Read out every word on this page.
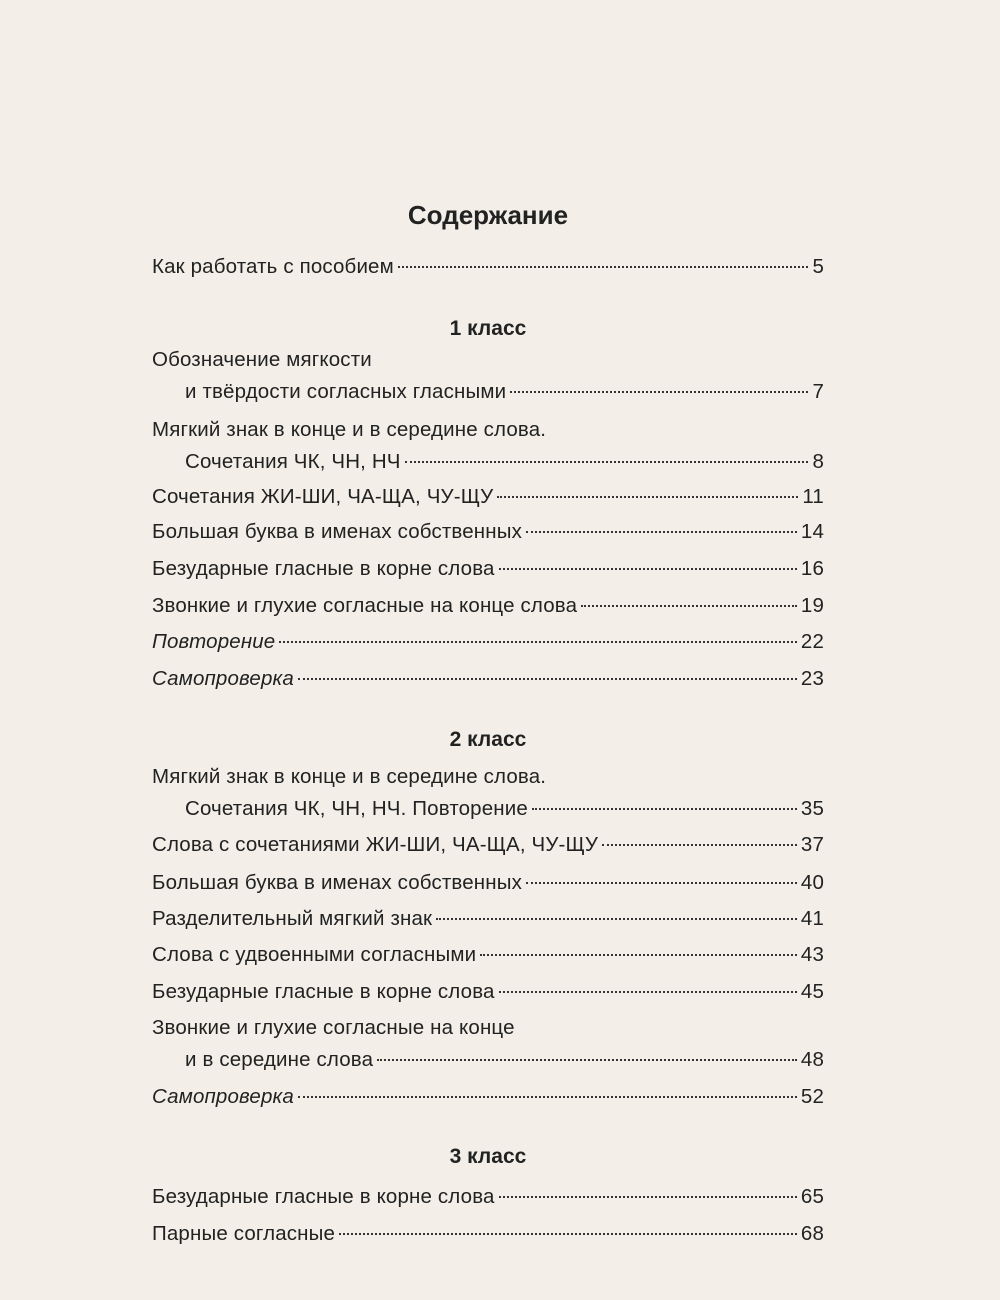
Содержание
Как работать с пособием	5
1 класс
Обозначение мягкости
и твёрдости согласных гласными	7
Мягкий знак в конце и в середине слова.
Сочетания ЧК, ЧН, НЧ	8
Сочетания ЖИ-ШИ, ЧА-ЩА, ЧУ-ЩУ	11
Большая буква в именах собственных	14
Безударные гласные в корне слова	16
Звонкие и глухие согласные на конце слова	19
Повторение	22
Самопроверка	23
2 класс
Мягкий знак в конце и в середине слова.
Сочетания ЧК, ЧН, НЧ. Повторение	35
Слова с сочетаниями ЖИ-ШИ, ЧА-ЩА, ЧУ-ЩУ	37
Большая буква в именах собственных	40
Разделительный мягкий знак	41
Слова с удвоенными согласными	43
Безударные гласные в корне слова	45
Звонкие и глухие согласные на конце
и в середине слова	48
Самопроверка	52
3 класс
Безударные гласные в корне слова	65
Парные согласные	68
